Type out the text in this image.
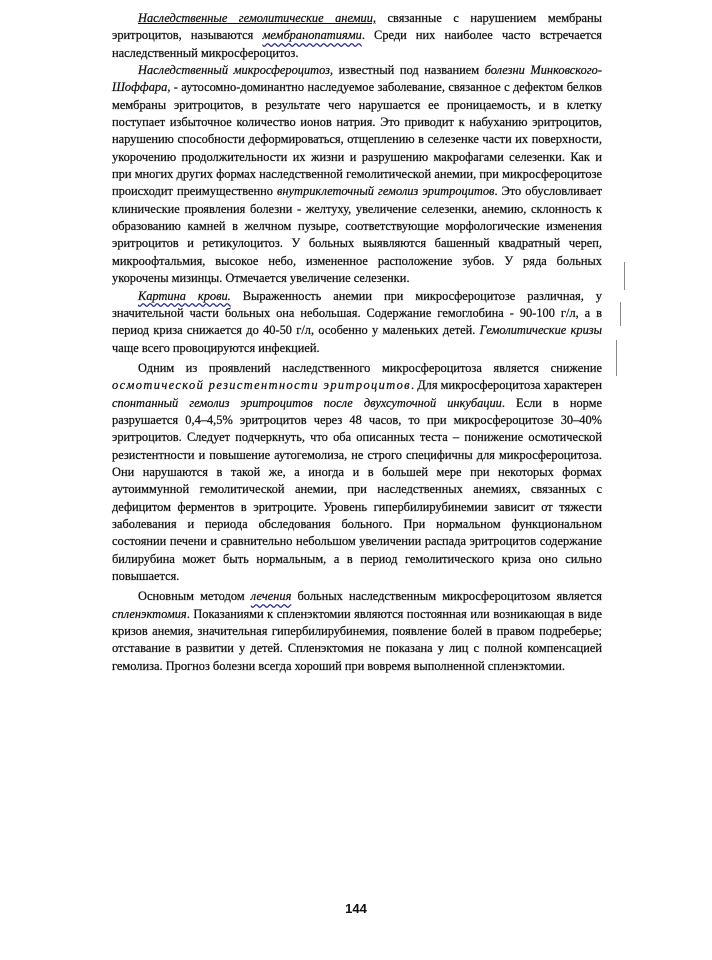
Наследственные гемолитические анемии, связанные с нарушением мембраны эритроцитов, называются мембранопатиями. Среди них наиболее часто встречается наследственный микросфероцитоз.

Наследственный микросфероцитоз, известный под названием болезни Минковского-Шоффара, - аутосомно-доминантно наследуемое заболевание, связанное с дефектом белков мембраны эритроцитов, в результате чего нарушается ее проницаемость, и в клетку поступает избыточное количество ионов натрия. Это приводит к набуханию эритроцитов, нарушению способности деформироваться, отщеплению в селезенке части их поверхности, укорочению продолжительности их жизни и разрушению макрофагами селезенки. Как и при многих других формах наследственной гемолитической анемии, при микросфероцитозе происходит преимущественно внутриклеточный гемолиз эритроцитов. Это обусловливает клинические проявления болезни - желтуху, увеличение селезенки, анемию, склонность к образованию камней в желчном пузыре, соответствующие морфологические изменения эритроцитов и ретикулоцитоз. У больных выявляются башенный квадратный череп, микроофтальмия, высокое небо, измененное расположение зубов. У ряда больных укорочены мизинцы. Отмечается увеличение селезенки.

Картина крови. Выраженность анемии при микросфероцитозе различная, у значительной части больных она небольшая. Содержание гемоглобина - 90-100 г/л, а в период криза снижается до 40-50 г/л, особенно у маленьких детей. Гемолитические кризы чаще всего провоцируются инфекцией.

Одним из проявлений наследственного микросфероцитоза является снижение осмотической резистентности эритроцитов. Для микросфероцитоза характерен спонтанный гемолиз эритроцитов после двухсуточной инкубации. Если в норме разрушается 0,4–4,5% эритроцитов через 48 часов, то при микросфероцитозе 30–40% эритроцитов. Следует подчеркнуть, что оба описанных теста – понижение осмотической резистентности и повышение аутогемолиза, не строго специфичны для микросфероцитоза. Они нарушаются в такой же, а иногда и в большей мере при некоторых формах аутоиммунной гемолитической анемии, при наследственных анемиях, связанных с дефицитом ферментов в эритроците. Уровень гипербилирубинемии зависит от тяжести заболевания и периода обследования больного. При нормальном функциональном состоянии печени и сравнительно небольшом увеличении распада эритроцитов содержание билирубина может быть нормальным, а в период гемолитического криза оно сильно повышается.

Основным методом лечения больных наследственным микросфероцитозом является спленэктомия. Показаниями к спленэктомии являются постоянная или возникающая в виде кризов анемия, значительная гипербилирубинемия, появление болей в правом подреберье; отставание в развитии у детей. Спленэктомия не показана у лиц с полной компенсацией гемолиза. Прогноз болезни всегда хороший при вовремя выполненной спленэктомии.

144
